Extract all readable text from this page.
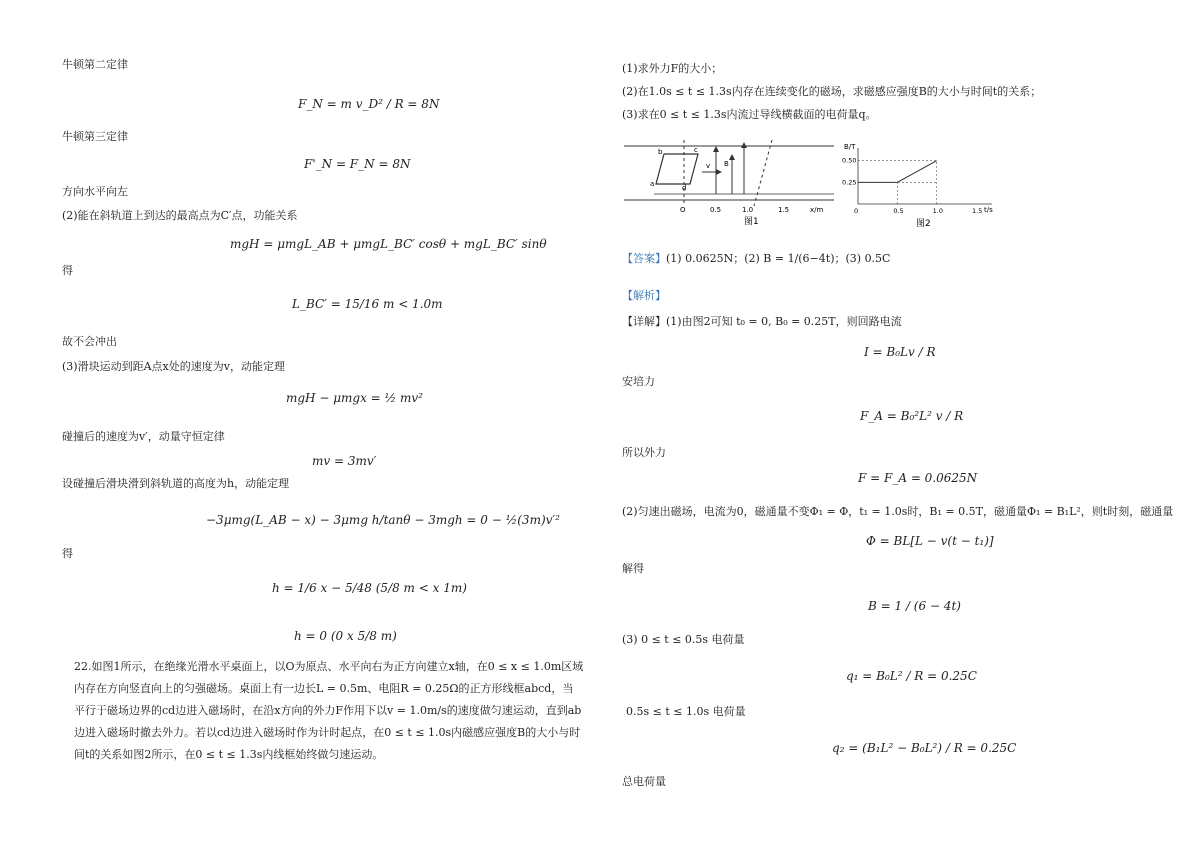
牛顿第二定律
F_N = m v_D² / R = 8N
牛顿第三定律
F'_N = F_N = 8N
方向水平向左
(2)能在斜轨道上到达的最高点为C′点，功能关系
mgH = μmgL_AB + μmgL_BC′ cosθ + mgL_BC′ sinθ
得
L_BC′ = 15/16 m < 1.0m
故不会冲出
(3)滑块运动到距A点x处的速度为v，动能定理
mgH − μmgx = ½ mv²
碰撞后的速度为v′，动量守恒定律
mv = 3mv′
设碰撞后滑块滑到斜轨道的高度为h，动能定理
−3μmg(L_AB − x) − 3μmg h/tanθ − 3mgh = 0 − ½(3m)v′²
得
h = 1/6 x − 5/48 (5/8 m < x 1m)
h = 0 (0 x 5/8 m)
22.如图1所示，在绝缘光滑水平桌面上，以O为原点、水平向右为正方向建立x轴，在0 ≤ x ≤ 1.0m区域内存在方向竖直向上的匀强磁场。桌面上有一边长L = 0.5m、电阻R = 0.25Ω的正方形线框abcd，当平行于磁场边界的cd边进入磁场时，在沿x方向的外力F作用下以v = 1.0m/s的速度做匀速运动，直到ab边进入磁场时撤去外力。若以cd边进入磁场时作为计时起点，在0 ≤ t ≤ 1.0s内磁感应强度B的大小与时间t的关系如图2所示，在0 ≤ t ≤ 1.3s内线框始终做匀速运动。
(1)求外力F的大小；
(2)在1.0s ≤ t ≤ 1.3s内存在连续变化的磁场，求磁感应强度B的大小与时间t的关系；
(3)求在0 ≤ t ≤ 1.3s内流过导线横截面的电荷量q。
b
a
c
d
B
v
O	0.5	1.0	1.5	x/m
图1
0	0.5	1.0	1.5
0.25
0.50
B/T
t/s
图2
【答案】(1) 0.0625N；(2) B = 1/(6−4t)；(3) 0.5C
【解析】
【详解】(1)由图2可知 t₀ = 0, B₀ = 0.25T，则回路电流
I = B₀Lv / R
安培力
F_A = B₀²L² v / R
所以外力
F = F_A = 0.0625N
(2)匀速出磁场，电流为0，磁通量不变Φ₁ = Φ，t₁ = 1.0s时，B₁ = 0.5T，磁通量Φ₁ = B₁L²，则t时刻，磁通量
Φ = BL[L − v(t − t₁)]
解得
B = 1 / (6 − 4t)
(3) 0 ≤ t ≤ 0.5s 电荷量
q₁ = B₀L² / R = 0.25C
0.5s ≤ t ≤ 1.0s 电荷量
q₂ = (B₁L² − B₀L²) / R = 0.25C
总电荷量
